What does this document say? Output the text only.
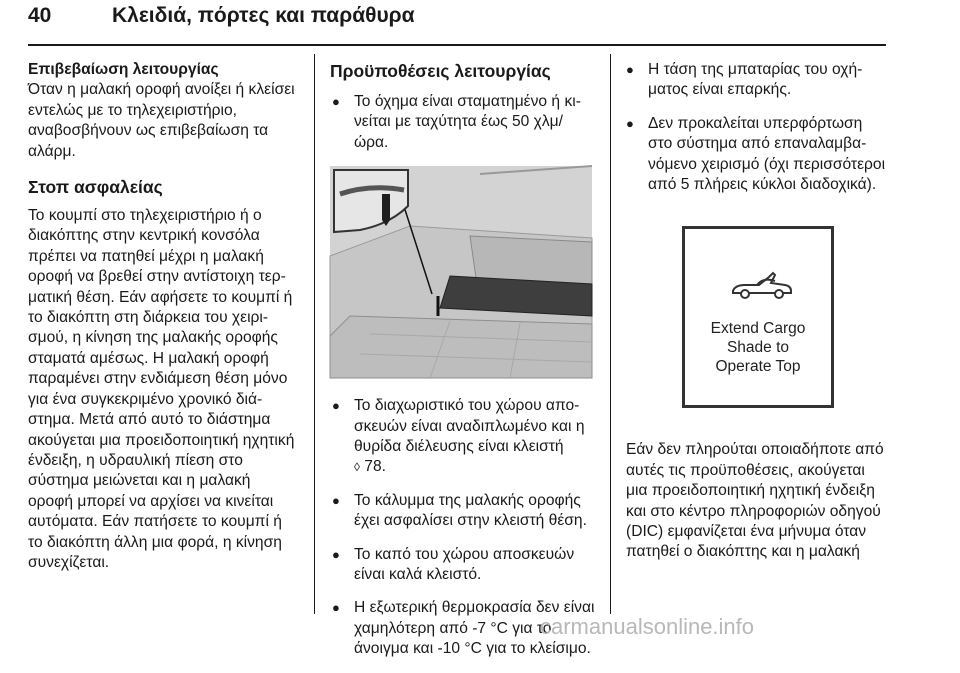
40	Κλειδιά, πόρτες και παράθυρα
Επιβεβαίωση λειτουργίας
Όταν η μαλακή οροφή ανοίξει ή κλείσει εντελώς με το τηλεχειριστήριο, αναβοσβήνουν ως επιβεβαίωση τα αλάρμ.
Στοπ ασφαλείας
Το κουμπί στο τηλεχειριστήριο ή ο διακόπτης στην κεντρική κονσόλα πρέπει να πατηθεί μέχρι η μαλακή οροφή να βρεθεί στην αντίστοιχη τερματική θέση. Εάν αφήσετε το κουμπί ή το διακόπτη στη διάρκεια του χειρισμού, η κίνηση της μαλακής οροφής σταματά αμέσως. Η μαλακή οροφή παραμένει στην ενδιάμεση θέση μόνο για ένα συγκεκριμένο χρονικό διάστημα. Μετά από αυτό το διάστημα ακούγεται μια προειδοποιητική ηχητική ένδειξη, η υδραυλική πίεση στο σύστημα μειώνεται και η μαλακή οροφή μπορεί να αρχίσει να κινείται αυτόματα. Εάν πατήσετε το κουμπί ή το διακόπτη άλλη μια φορά, η κίνηση συνεχίζεται.
Προϋποθέσεις λειτουργίας
● Το όχημα είναι σταματημένο ή κινείται με ταχύτητα έως 50 χλμ/ώρα.
● Το διαχωριστικό του χώρου αποσκευών είναι αναδιπλωμένο και η θυρίδα διέλευσης είναι κλειστή
◊ 78.
● Το κάλυμμα της μαλακής οροφής έχει ασφαλίσει στην κλειστή θέση.
● Το καπό του χώρου αποσκευών είναι καλά κλειστό.
● Η εξωτερική θερμοκρασία δεν είναι χαμηλότερη από -7 °C για το άνοιγμα και -10 °C για το κλείσιμο.
● Η τάση της μπαταρίας του οχήματος είναι επαρκής.
● Δεν προκαλείται υπερφόρτωση στο σύστημα από επαναλαμβανόμενο χειρισμό (όχι περισσότεροι από 5 πλήρεις κύκλοι διαδοχικά).
Extend Cargo
Shade to
Operate Top
Εάν δεν πληρούται οποιαδήποτε από αυτές τις προϋποθέσεις, ακούγεται μια προειδοποιητική ηχητική ένδειξη και στο κέντρο πληροφοριών οδηγού (DIC) εμφανίζεται ένα μήνυμα όταν πατηθεί ο διακόπτης και η μαλακή
carmanualsonline.info
